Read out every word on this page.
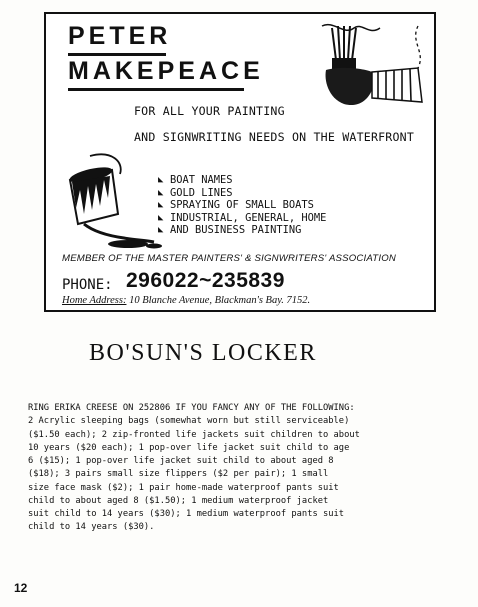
PETER
MAKEPEACE
FOR ALL YOUR PAINTING
AND SIGNWRITING NEEDS ON THE WATERFRONT
◣ BOAT NAMES
◣ GOLD LINES
◣ SPRAYING OF SMALL BOATS
◣ INDUSTRIAL, GENERAL, HOME
◣ AND BUSINESS PAINTING
MEMBER OF THE MASTER PAINTERS' & SIGNWRITERS' ASSOCIATION
PHONE: 296022~235839
Home Address: 10 Blanche Avenue, Blackman's Bay. 7152.
BO'SUN'S LOCKER
RING ERIKA CREESE ON 252806 IF YOU FANCY ANY OF THE FOLLOWING:
2 Acrylic sleeping bags (somewhat worn but still serviceable)
($1.50 each); 2 zip-fronted life jackets suit children to about
10 years ($20 each); 1 pop-over life jacket suit child to age
6 ($15); 1 pop-over life jacket suit child to about aged 8
($18); 3 pairs small size flippers ($2 per pair); 1 small
size face mask ($2); 1 pair home-made waterproof pants suit
child to about aged 8 ($1.50); 1 medium waterproof jacket
suit child to 14 years ($30); 1 medium waterproof pants suit
child to 14 years ($30).
12
